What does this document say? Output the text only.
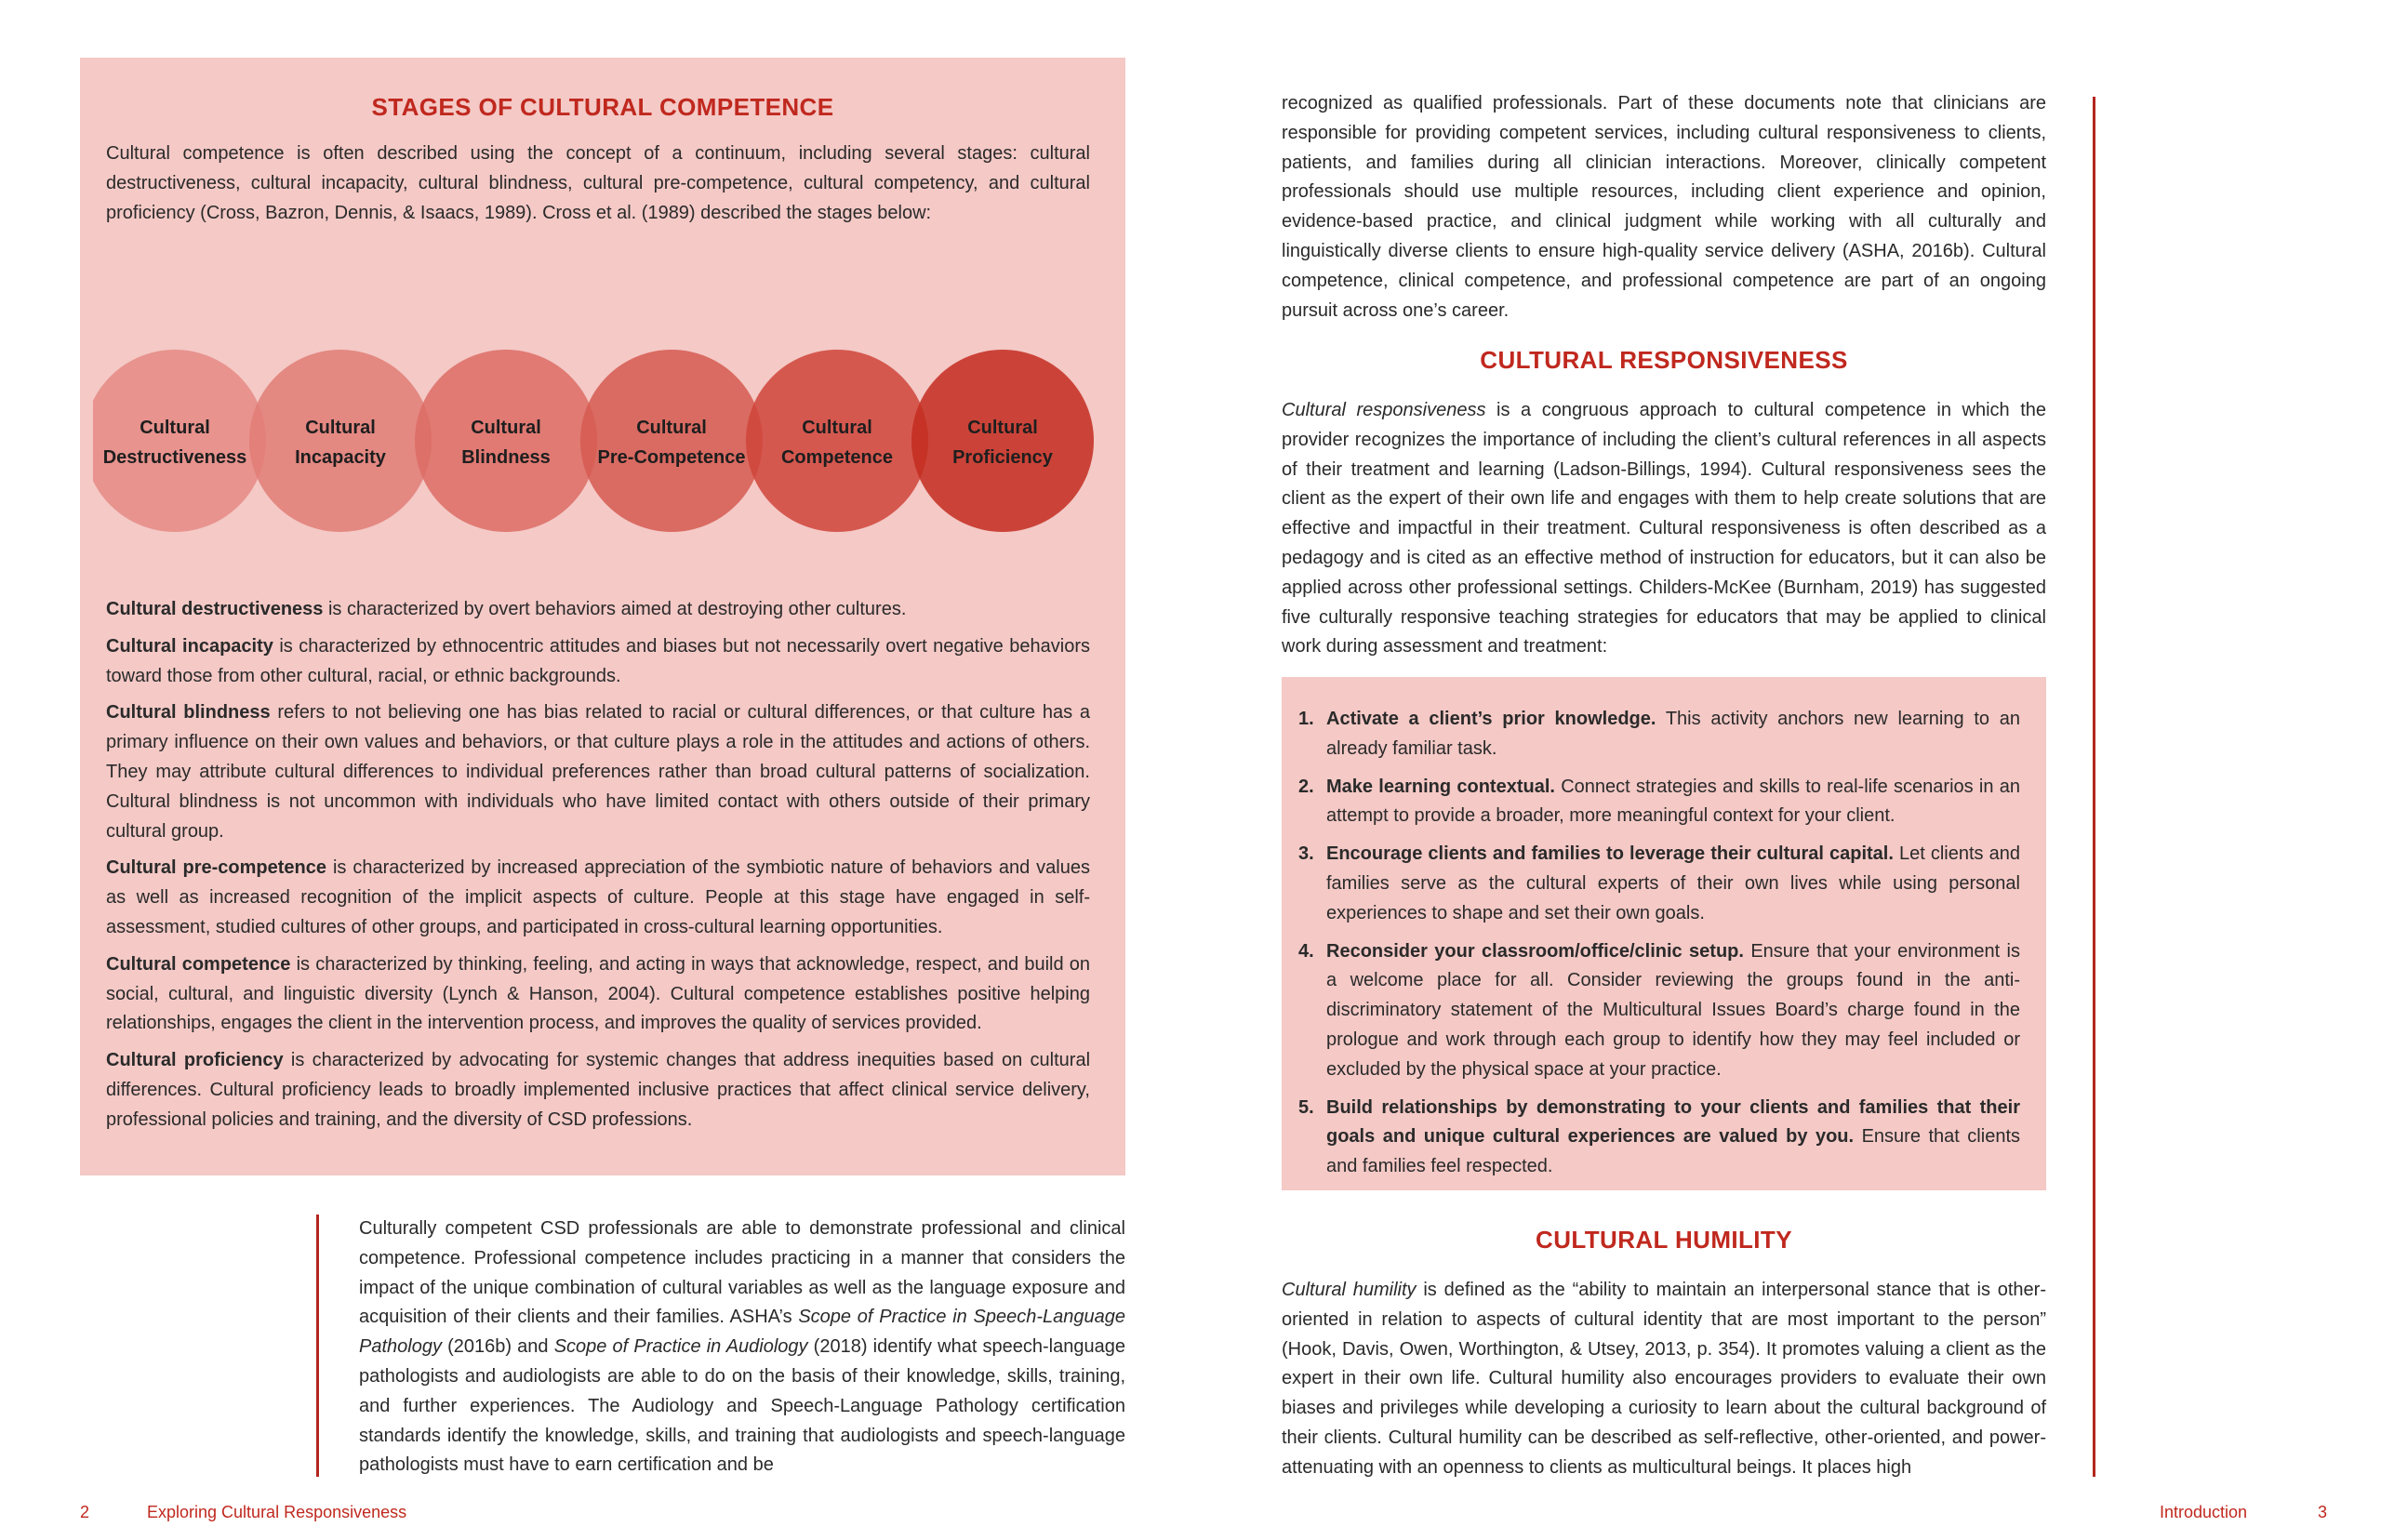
STAGES OF CULTURAL COMPETENCE

Cultural competence is often described using the concept of a continuum, including several stages: cultural destructiveness, cultural incapacity, cultural blindness, cultural pre-competence, cultural competency, and cultural proficiency (Cross, Bazron, Dennis, & Isaacs, 1989). Cross et al. (1989) described the stages below:

Cultural Destructiveness
Cultural Incapacity
Cultural Blindness
Cultural Pre-Competence
Cultural Competence
Cultural Proficiency

Cultural destructiveness is characterized by overt behaviors aimed at destroying other cultures.

Cultural incapacity is characterized by ethnocentric attitudes and biases but not necessarily overt negative behaviors toward those from other cultural, racial, or ethnic backgrounds.

Cultural blindness refers to not believing one has bias related to racial or cultural differences, or that culture has a primary influence on their own values and behaviors, or that culture plays a role in the attitudes and actions of others. They may attribute cultural differences to individual preferences rather than broad cultural patterns of socialization. Cultural blindness is not uncommon with individuals who have limited contact with others outside of their primary cultural group.

Cultural pre-competence is characterized by increased appreciation of the symbiotic nature of behaviors and values as well as increased recognition of the implicit aspects of culture. People at this stage have engaged in self-assessment, studied cultures of other groups, and participated in cross-cultural learning opportunities.

Cultural competence is characterized by thinking, feeling, and acting in ways that acknowledge, respect, and build on social, cultural, and linguistic diversity (Lynch & Hanson, 2004). Cultural competence establishes positive helping relationships, engages the client in the intervention process, and improves the quality of services provided.

Cultural proficiency is characterized by advocating for systemic changes that address inequities based on cultural differences. Cultural proficiency leads to broadly implemented inclusive practices that affect clinical service delivery, professional policies and training, and the diversity of CSD professions.

Culturally competent CSD professionals are able to demonstrate professional and clinical competence. Professional competence includes practicing in a manner that considers the impact of the unique combination of cultural variables as well as the language exposure and acquisition of their clients and their families. ASHA’s Scope of Practice in Speech-Language Pathology (2016b) and Scope of Practice in Audiology (2018) identify what speech-language pathologists and audiologists are able to do on the basis of their knowledge, skills, training, and further experiences. The Audiology and Speech-Language Pathology certification standards identify the knowledge, skills, and training that audiologists and speech-language pathologists must have to earn certification and be

2	Exploring Cultural Responsiveness

recognized as qualified professionals. Part of these documents note that clinicians are responsible for providing competent services, including cultural responsiveness to clients, patients, and families during all clinician interactions. Moreover, clinically competent professionals should use multiple resources, including client experience and opinion, evidence-based practice, and clinical judgment while working with all culturally and linguistically diverse clients to ensure high-quality service delivery (ASHA, 2016b). Cultural competence, clinical competence, and professional competence are part of an ongoing pursuit across one’s career.

CULTURAL RESPONSIVENESS

Cultural responsiveness is a congruous approach to cultural competence in which the provider recognizes the importance of including the client’s cultural references in all aspects of their treatment and learning (Ladson-Billings, 1994). Cultural responsiveness sees the client as the expert of their own life and engages with them to help create solutions that are effective and impactful in their treatment. Cultural responsiveness is often described as a pedagogy and is cited as an effective method of instruction for educators, but it can also be applied across other professional settings. Childers-McKee (Burnham, 2019) has suggested five culturally responsive teaching strategies for educators that may be applied to clinical work during assessment and treatment:

1. Activate a client’s prior knowledge. This activity anchors new learning to an already familiar task.

2. Make learning contextual. Connect strategies and skills to real-life scenarios in an attempt to provide a broader, more meaningful context for your client.

3. Encourage clients and families to leverage their cultural capital. Let clients and families serve as the cultural experts of their own lives while using personal experiences to shape and set their own goals.

4. Reconsider your classroom/office/clinic setup. Ensure that your environment is a welcome place for all. Consider reviewing the groups found in the anti-discriminatory statement of the Multicultural Issues Board’s charge found in the prologue and work through each group to identify how they may feel included or excluded by the physical space at your practice.

5. Build relationships by demonstrating to your clients and families that their goals and unique cultural experiences are valued by you. Ensure that clients and families feel respected.

CULTURAL HUMILITY

Cultural humility is defined as the “ability to maintain an interpersonal stance that is other-oriented in relation to aspects of cultural identity that are most important to the person” (Hook, Davis, Owen, Worthington, & Utsey, 2013, p. 354). It promotes valuing a client as the expert in their own life. Cultural humility also encourages providers to evaluate their own biases and privileges while developing a curiosity to learn about the cultural background of their clients. Cultural humility can be described as self-reflective, other-oriented, and power-attenuating with an openness to clients as multicultural beings. It places high

Introduction	3
